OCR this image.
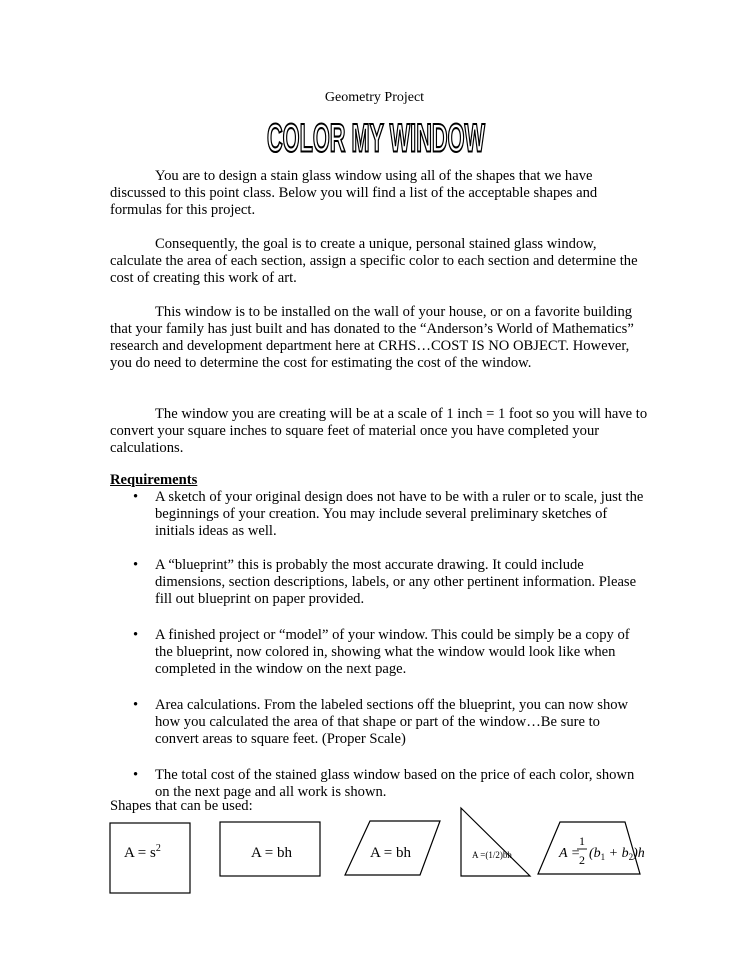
Geometry Project
COLOR MY WINDOW

You are to design a stain glass window using all of the shapes that we have discussed to this point class. Below you will find a list of the acceptable shapes and formulas for this project.

Consequently, the goal is to create a unique, personal stained glass window, calculate the area of each section, assign a specific color to each section and determine the cost of creating this work of art.

This window is to be installed on the wall of your house, or on a favorite building that your family has just built and has donated to the “Anderson’s World of Mathematics” research and development department here at CRHS…COST IS NO OBJECT. However, you do need to determine the cost for estimating the cost of the window.

The window you are creating will be at a scale of 1 inch = 1 foot so you will have to convert your square inches to square feet of material once you have completed your calculations.

Requirements
•	A sketch of your original design does not have to be with a ruler or to scale, just the beginnings of your creation. You may include several preliminary sketches of initials ideas as well.
•	A “blueprint” this is probably the most accurate drawing. It could include dimensions, section descriptions, labels, or any other pertinent information. Please fill out blueprint on paper provided.
•	A finished project or “model” of your window. This could be simply be a copy of the blueprint, now colored in, showing what the window would look like when completed in the window on the next page.
•	Area calculations. From the labeled sections off the blueprint, you can now show how you calculated the area of that shape or part of the window…Be sure to convert areas to square feet. (Proper Scale)
•	The total cost of the stained glass window based on the price of each color, shown on the next page and all work is shown.
Shapes that can be used:
$A = s^2$	A = bh	A = bh	A =(1/2)bh	A =
1
2 $(b_1 + b_2)h$
